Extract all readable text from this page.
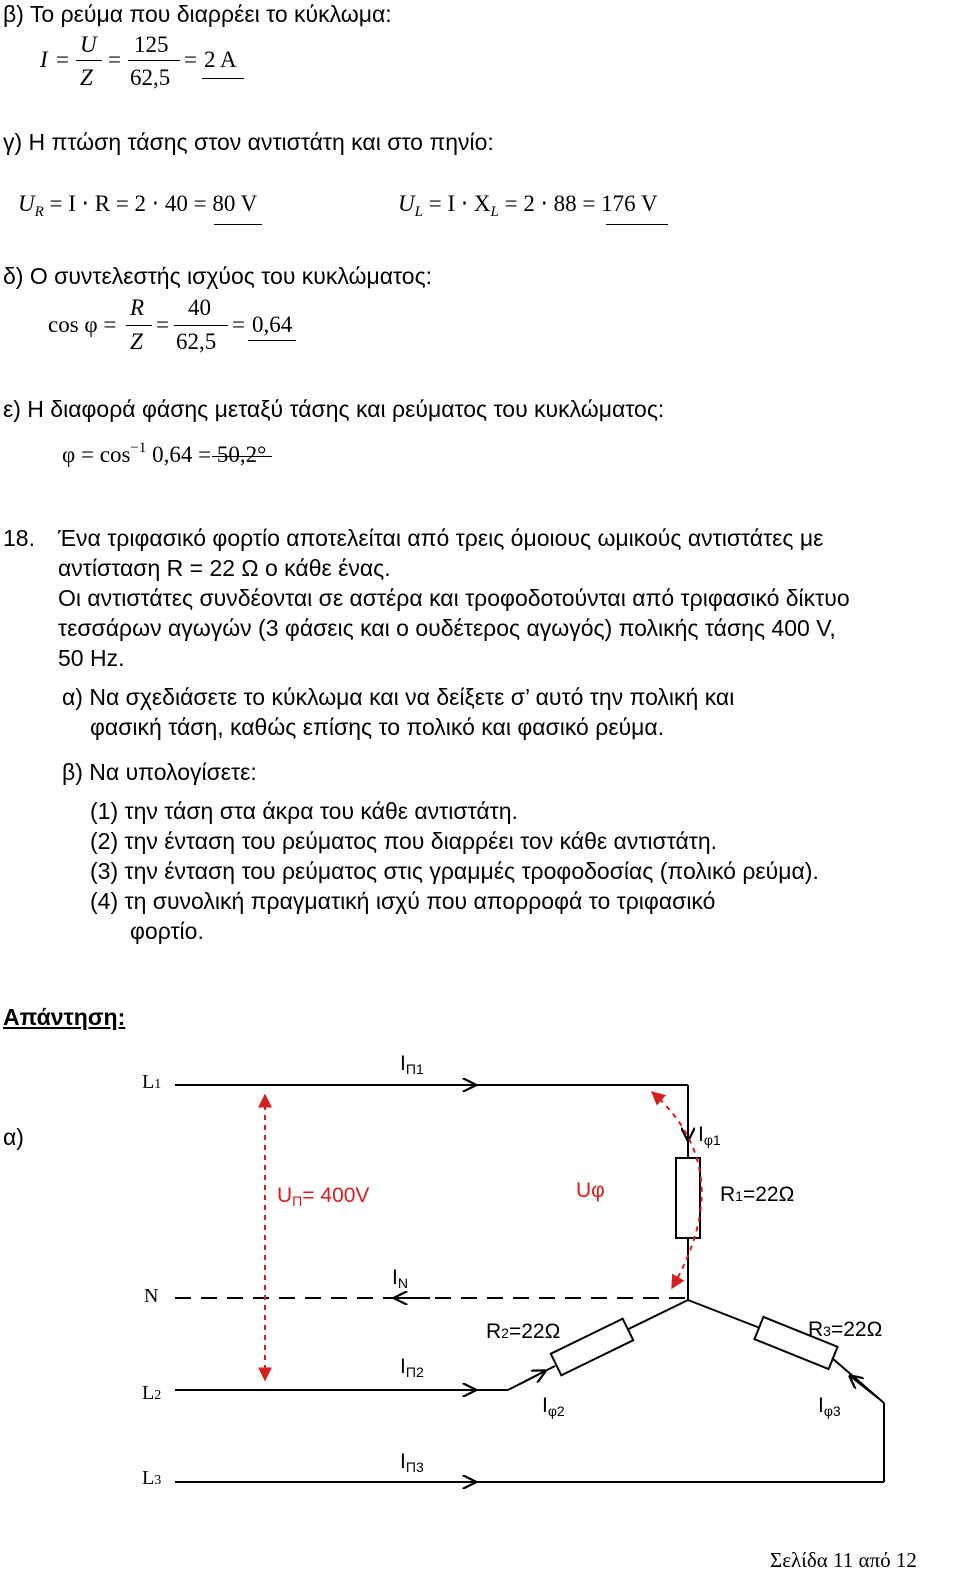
β) Το ρεύμα που διαρρέει το κύκλωμα:
I =
U
Z
=
125
62,5
= 2 A
γ) Η πτώση τάσης στον αντιστάτη και στο πηνίο:
$U_R = I \cdot R = 2 \cdot 40 = 80$ V	$U_L = I \cdot X_L = 2 \cdot 88 = 176$ V
δ) Ο συντελεστής ισχύος του κυκλώματος:
cos φ =
R
Z
=
40
62,5
= 0,64
ε) Η διαφορά φάσης μεταξύ τάσης και ρεύματος του κυκλώματος:
$\varphi = \cos^{-1} 0,64 = 50,2^\circ$
18. Ένα τριφασικό φορτίο αποτελείται από τρεις όμοιους ωμικούς αντιστάτες με
αντίσταση R = 22 Ω ο κάθε ένας.
Οι αντιστάτες συνδέονται σε αστέρα και τροφοδοτούνται από τριφασικό δίκτυο
τεσσάρων αγωγών (3 φάσεις και ο ουδέτερος αγωγός) πολικής τάσης 400 V,
50 Hz.
α) Να σχεδιάσετε το κύκλωμα και να δείξετε σ’ αυτό την πολική και
φασική τάση, καθώς επίσης το πολικό και φασικό ρεύμα.
β) Να υπολογίσετε:
(1) την τάση στα άκρα του κάθε αντιστάτη.
(2) την ένταση του ρεύματος που διαρρέει τον κάθε αντιστάτη.
(3) την ένταση του ρεύματος στις γραμμές τροφοδοσίας (πολικό ρεύμα).
(4) τη συνολική πραγματική ισχύ που απορροφά το τριφασικό
φορτίο.
Απάντηση:
α)
L1
N
L2
L3
IΠ1
Iφ1
IN
IΠ2
Iφ2	Iφ3
IΠ3
UΠ= 400V	Uφ	R1=22Ω
R2=22Ω	R3=22Ω
Σελίδα 11 από 12
